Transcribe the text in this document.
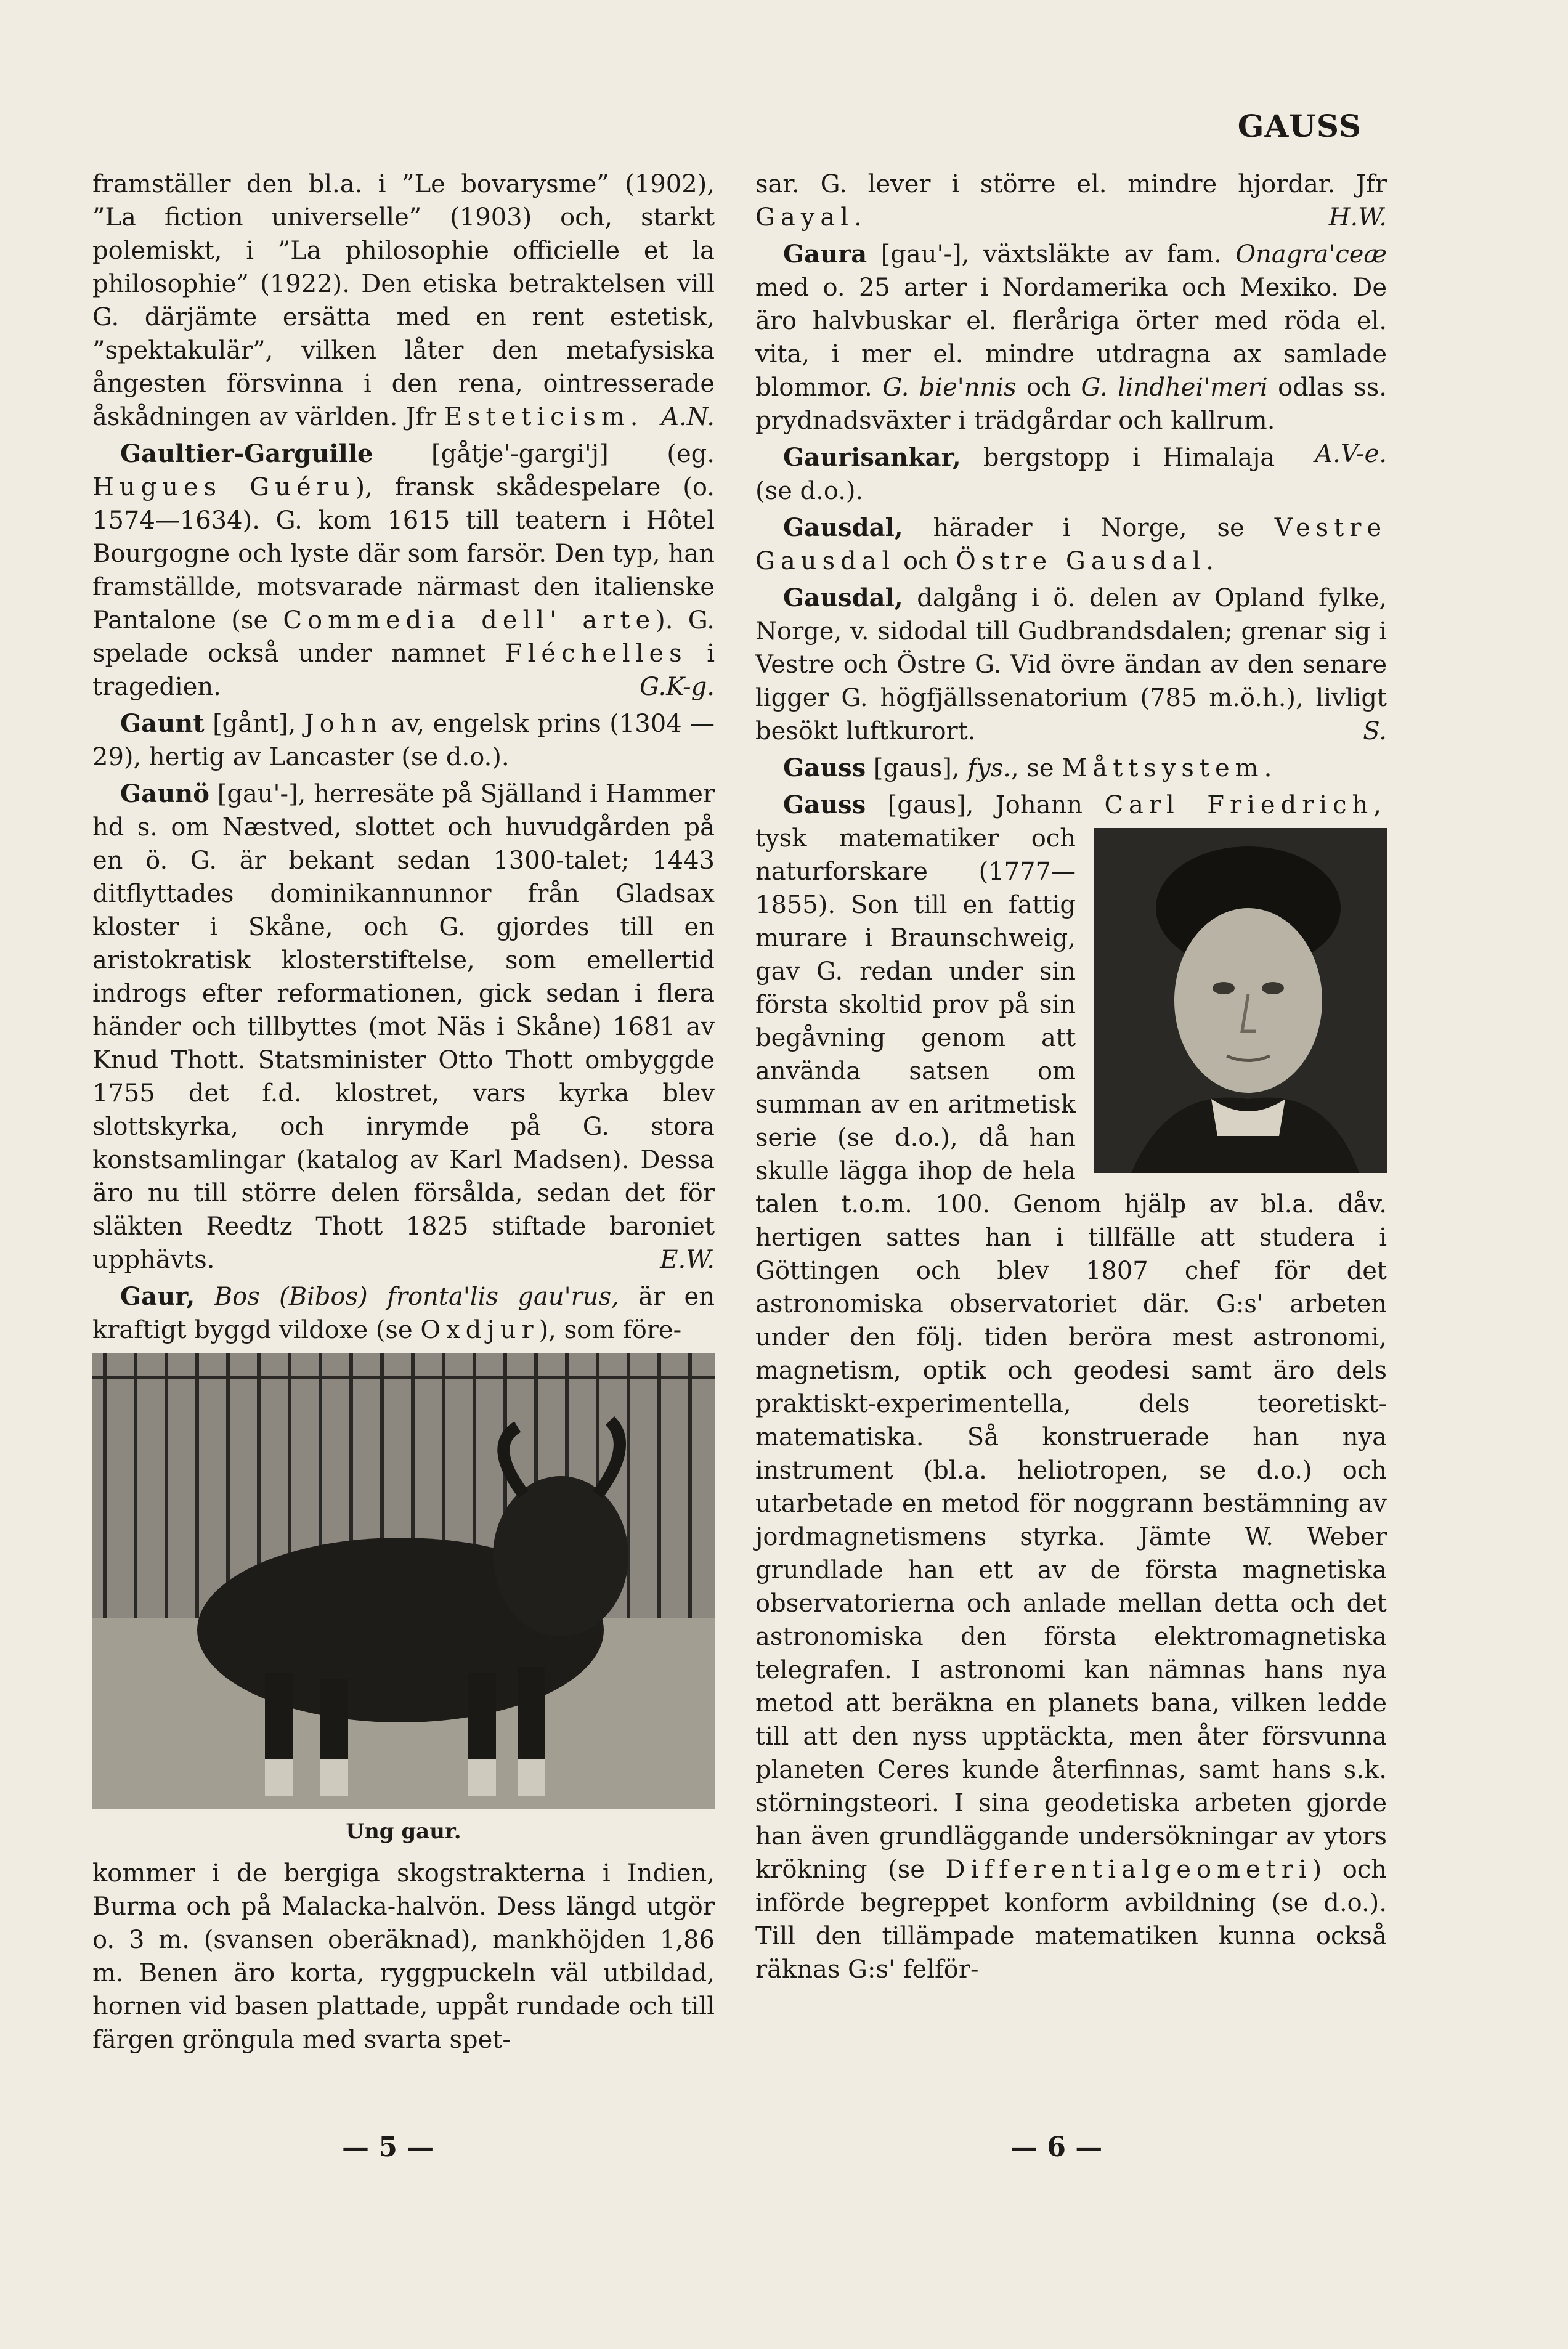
GAUSS

framställer den bl.a. i ”Le bovarysme” (1902), ”La fiction universelle” (1903) och, starkt polemiskt, i ”La philosophie officielle et la philosophie” (1922). Den etiska betraktelsen vill G. därjämte ersätta med en rent estetisk, ”spektakulär”, vilken låter den metafysiska ångesten försvinna i den rena, ointresserade åskådningen av världen. Jfr Esteticism. A.N.

Gaultier-Garguille [gåtje'-gargi'j] (eg. Hugues Guéru), fransk skådespelare (o. 1574—1634). G. kom 1615 till teatern i Hôtel Bourgogne och lyste där som farsör. Den typ, han framställde, motsvarade närmast den italienske Pantalone (se Commedia dell' arte). G. spelade också under namnet Fléchelles i tragedien.	G.K-g.

Gaunt [gånt], John av, engelsk prins (1304 —29), hertig av Lancaster (se d.o.).

Gaunö [gau'-], herresäte på Själland i Hammer hd s. om Næstved, slottet och huvudgården på en ö. G. är bekant sedan 1300-talet; 1443 ditflyttades dominikannunnor från Gladsax kloster i Skåne, och G. gjordes till en aristokratisk klosterstiftelse, som emellertid indrogs efter reformationen, gick sedan i flera händer och tillbyttes (mot Näs i Skåne) 1681 av Knud Thott. Statsminister Otto Thott ombyggde 1755 det f.d. klostret, vars kyrka blev slottskyrka, och inrymde på G. stora konstsamlingar (katalog av Karl Madsen). Dessa äro nu till större delen försålda, sedan det för släkten Reedtz Thott 1825 stiftade baroniet upphävts.	E.W.

Gaur, Bos (Bibos) fronta'lis gau'rus, är en kraftigt byggd vildoxe (se Oxdjur), som före-

Ung gaur.

kommer i de bergiga skogstrakterna i Indien, Burma och på Malacka-halvön. Dess längd utgör o. 3 m. (svansen oberäknad), mankhöjden 1,86 m. Benen äro korta, ryggpuckeln väl utbildad, hornen vid basen plattade, uppåt rundade och till färgen gröngula med svarta spet-

— 5 —

sar. G. lever i större el. mindre hjordar. Jfr Gayal.	H.W.

Gaura [gau'-], växtsläkte av fam. Onagra'ceæ med o. 25 arter i Nordamerika och Mexiko. De äro halvbuskar el. fleråriga örter med röda el. vita, i mer el. mindre utdragna ax samlade blommor. G. bie'nnis och G. lindhei'meri odlas ss. prydnadsväxter i trädgårdar och kallrum.
A.V-e.

Gaurisankar, bergstopp i Himalaja (se d.o.).

Gausdal, härader i Norge, se Vestre Gausdal och Östre Gausdal.

Gausdal, dalgång i ö. delen av Opland fylke, Norge, v. sidodal till Gudbrandsdalen; grenar sig i Vestre och Östre G. Vid övre ändan av den senare ligger G. högfjällssenatorium (785 m.ö.h.), livligt besökt luftkurort.	S.

Gauss [gaus], fys., se Måttsystem.

Gauss [gaus], Johann Carl Friedrich,
tysk matematiker och naturforskare (1777—1855). Son till en fattig murare i Braunschweig, gav G. redan under sin första skoltid prov på sin begåvning genom att använda satsen om summan av en aritmetisk serie (se d.o.), då han skulle lägga ihop de hela talen t.o.m. 100. Genom hjälp av bl.a. dåv. hertigen sattes han i tillfälle att studera i Göttingen och blev 1807 chef för det astronomiska observatoriet där. G:s' arbeten under den följ. tiden beröra mest astronomi, magnetism, optik och geodesi samt äro dels praktiskt-experimentella, dels teoretiskt-matematiska. Så konstruerade han nya instrument (bl.a. heliotropen, se d.o.) och utarbetade en metod för noggrann bestämning av jordmagnetismens styrka. Jämte W. Weber grundlade han ett av de första magnetiska observatorierna och anlade mellan detta och det astronomiska den första elektromagnetiska telegrafen. I astronomi kan nämnas hans nya metod att beräkna en planets bana, vilken ledde till att den nyss upptäckta, men åter försvunna planeten Ceres kunde återfinnas, samt hans s.k. störningsteori. I sina geodetiska arbeten gjorde han även grundläggande undersökningar av ytors krökning (se Differentialgeometri) och införde begreppet konform avbildning (se d.o.). Till den tillämpade matematiken kunna också räknas G:s' felför-

— 6 —
